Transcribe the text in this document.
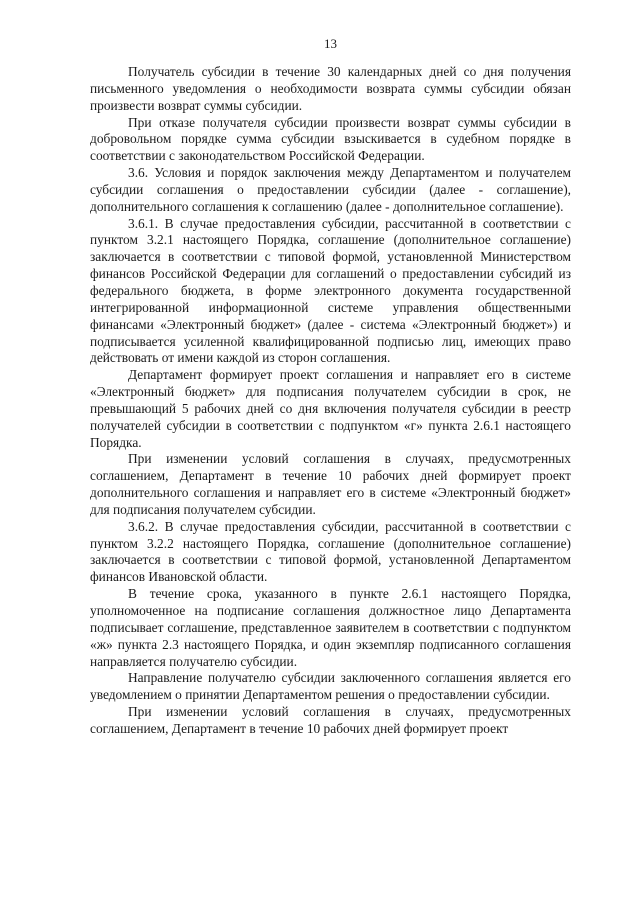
13

Получатель субсидии в течение 30 календарных дней со дня получения письменного уведомления о необходимости возврата суммы субсидии обязан произвести возврат суммы субсидии.

При отказе получателя субсидии произвести возврат суммы субсидии в добровольном порядке сумма субсидии взыскивается в судебном порядке в соответствии с законодательством Российской Федерации.

3.6. Условия и порядок заключения между Департаментом и получателем субсидии соглашения о предоставлении субсидии (далее - соглашение), дополнительного соглашения к соглашению (далее - дополнительное соглашение).

3.6.1. В случае предоставления субсидии, рассчитанной в соответствии с пунктом 3.2.1 настоящего Порядка, соглашение (дополнительное соглашение) заключается в соответствии с типовой формой, установленной Министерством финансов Российской Федерации для соглашений о предоставлении субсидий из федерального бюджета, в форме электронного документа государственной интегрированной информационной системе управления общественными финансами «Электронный бюджет» (далее - система «Электронный бюджет») и подписывается усиленной квалифицированной подписью лиц, имеющих право действовать от имени каждой из сторон соглашения.

Департамент формирует проект соглашения и направляет его в системе «Электронный бюджет» для подписания получателем субсидии в срок, не превышающий 5 рабочих дней со дня включения получателя субсидии в реестр получателей субсидии в соответствии с подпунктом «г» пункта 2.6.1 настоящего Порядка.

При изменении условий соглашения в случаях, предусмотренных соглашением, Департамент в течение 10 рабочих дней формирует проект дополнительного соглашения и направляет его в системе «Электронный бюджет» для подписания получателем субсидии.

3.6.2. В случае предоставления субсидии, рассчитанной в соответствии с пунктом 3.2.2 настоящего Порядка, соглашение (дополнительное соглашение) заключается в соответствии с типовой формой, установленной Департаментом финансов Ивановской области.

В течение срока, указанного в пункте 2.6.1 настоящего Порядка, уполномоченное на подписание соглашения должностное лицо Департамента подписывает соглашение, представленное заявителем в соответствии с подпунктом «ж» пункта 2.3 настоящего Порядка, и один экземпляр подписанного соглашения направляется получателю субсидии.

Направление получателю субсидии заключенного соглашения является его уведомлением о принятии Департаментом решения о предоставлении субсидии.

При изменении условий соглашения в случаях, предусмотренных соглашением, Департамент в течение 10 рабочих дней формирует проект
